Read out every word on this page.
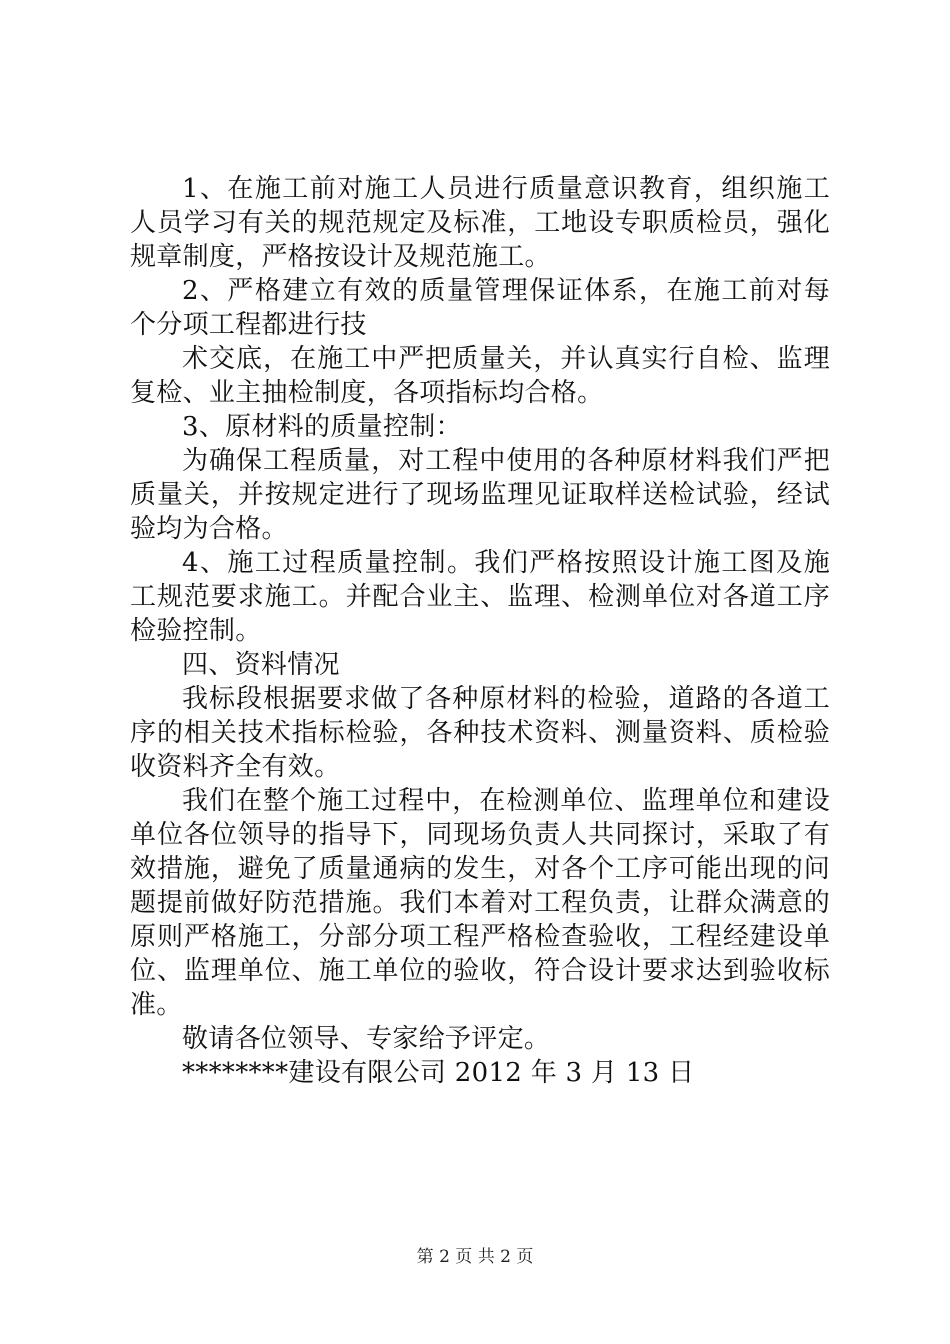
1、在施工前对施工人员进行质量意识教育，组织施工人员学习有关的规范规定及标准，工地设专职质检员，强化规章制度，严格按设计及规范施工。

2、严格建立有效的质量管理保证体系，在施工前对每个分项工程都进行技

术交底，在施工中严把质量关，并认真实行自检、监理复检、业主抽检制度，各项指标均合格。

3、原材料的质量控制：

为确保工程质量，对工程中使用的各种原材料我们严把质量关，并按规定进行了现场监理见证取样送检试验，经试验均为合格。

4、施工过程质量控制。我们严格按照设计施工图及施工规范要求施工。并配合业主、监理、检测单位对各道工序检验控制。

四、资料情况

我标段根据要求做了各种原材料的检验，道路的各道工序的相关技术指标检验，各种技术资料、测量资料、质检验收资料齐全有效。

我们在整个施工过程中，在检测单位、监理单位和建设单位各位领导的指导下，同现场负责人共同探讨，采取了有效措施，避免了质量通病的发生，对各个工序可能出现的问题提前做好防范措施。我们本着对工程负责，让群众满意的原则严格施工，分部分项工程严格检查验收，工程经建设单位、监理单位、施工单位的验收，符合设计要求达到验收标准。

敬请各位领导、专家给予评定。

********建设有限公司 2012 年 3 月 13 日

第 2 页 共 2 页
